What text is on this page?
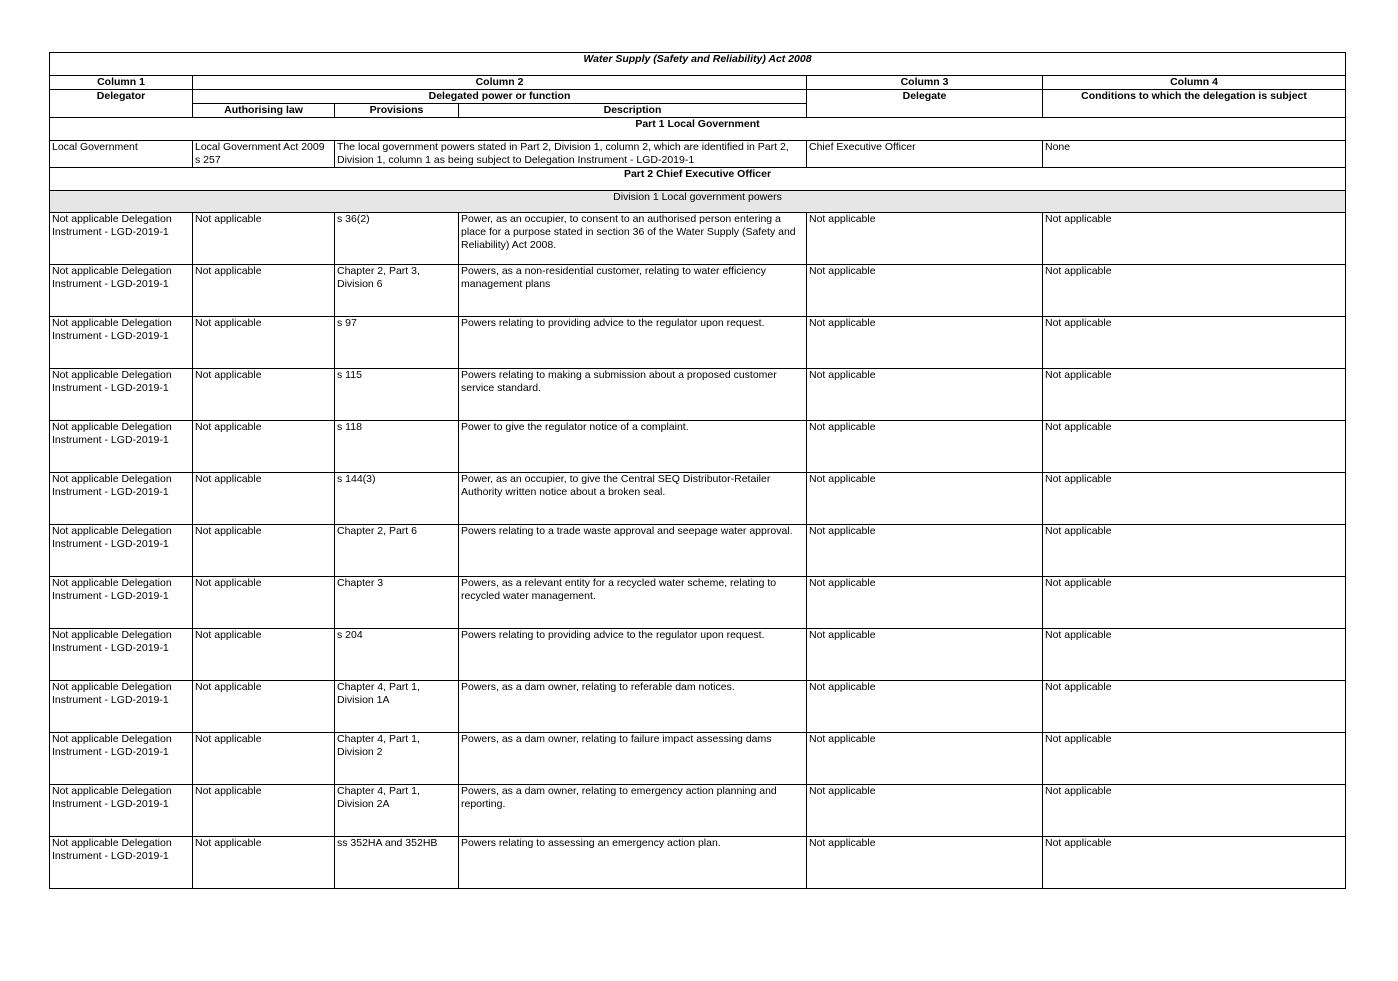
Water Supply (Safety and Reliability) Act 2008					
Column 1	Column 2			Column 3	Column 4
Delegator	Delegated power or function			Delegate	Conditions to which the delegation is subject
	Authorising law	Provisions	Description		
Part 1 Local Government					
Local Government	Local Government Act 2009 s 257	The local government powers stated in Part 2, Division 1, column 2, which are identified in Part 2, Division 1, column 1 as being subject to Delegation Instrument - LGD-2019-1		Chief Executive Officer	None
Part 2 Chief Executive Officer					
Division 1 Local government powers					
Not applicable Delegation Instrument - LGD-2019-1	Not applicable	s 36(2)	Power, as an occupier, to consent to an authorised person entering a place for a purpose stated in section 36 of the Water Supply (Safety and Reliability) Act 2008.	Not applicable	Not applicable
Not applicable Delegation Instrument - LGD-2019-1	Not applicable	Chapter 2, Part 3, Division 6	Powers, as a non-residential customer, relating to water efficiency management plans	Not applicable	Not applicable
Not applicable Delegation Instrument - LGD-2019-1	Not applicable	s 97	Powers relating to providing advice to the regulator upon request.	Not applicable	Not applicable
Not applicable Delegation Instrument - LGD-2019-1	Not applicable	s 115	Powers relating to making a submission about a proposed customer service standard.	Not applicable	Not applicable
Not applicable Delegation Instrument - LGD-2019-1	Not applicable	s 118	Power to give the regulator notice of a complaint.	Not applicable	Not applicable
Not applicable Delegation Instrument - LGD-2019-1	Not applicable	s 144(3)	Power, as an occupier, to give the Central SEQ Distributor-Retailer Authority written notice about a broken seal.	Not applicable	Not applicable
Not applicable Delegation Instrument - LGD-2019-1	Not applicable	Chapter 2, Part 6	Powers relating to a trade waste approval and seepage water approval.	Not applicable	Not applicable
Not applicable Delegation Instrument - LGD-2019-1	Not applicable	Chapter 3	Powers, as a relevant entity for a recycled water scheme, relating to recycled water management.	Not applicable	Not applicable
Not applicable Delegation Instrument - LGD-2019-1	Not applicable	s 204	Powers relating to providing advice to the regulator upon request.	Not applicable	Not applicable
Not applicable Delegation Instrument - LGD-2019-1	Not applicable	Chapter 4, Part 1, Division 1A	Powers, as a dam owner, relating to referable dam notices.	Not applicable	Not applicable
Not applicable Delegation Instrument - LGD-2019-1	Not applicable	Chapter 4, Part 1, Division 2	Powers, as a dam owner, relating to failure impact assessing dams	Not applicable	Not applicable
Not applicable Delegation Instrument - LGD-2019-1	Not applicable	Chapter 4, Part 1, Division 2A	Powers, as a dam owner, relating to emergency action planning and reporting.	Not applicable	Not applicable
Not applicable Delegation Instrument - LGD-2019-1	Not applicable	ss 352HA and 352HB	Powers relating to assessing an emergency action plan.	Not applicable	Not applicable
